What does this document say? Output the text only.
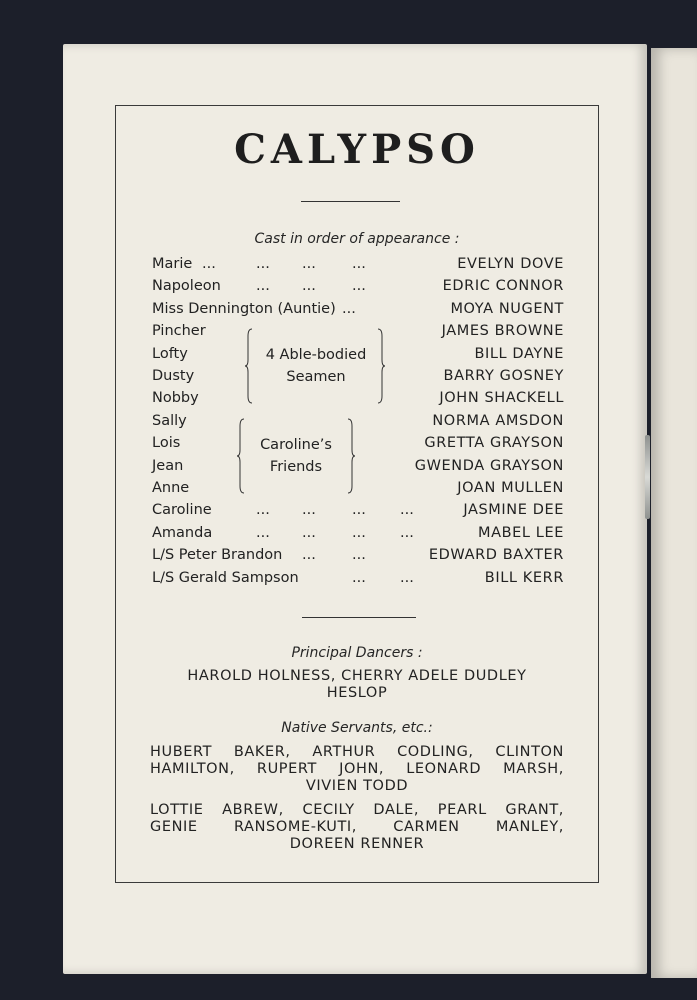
CALYPSO
Cast in order of appearance :
Marie ...	... ... ...	EVELYN DOVE
Napoleon ... ... ...	EDRIC CONNOR
Miss Dennington (Auntie) ...	MOYA NUGENT
Pincher	JAMES BROWNE
Lofty	BILL DAYNE
Dusty	BARRY GOSNEY
Nobby	JOHN SHACKELL
Sally	NORMA AMSDON
Lois	GRETTA GRAYSON
Jean	GWENDA GRAYSON
Anne	JOAN MULLEN
Caroline	... ... ... ...	JASMINE DEE
Amanda	... ... ... ...	MABEL LEE
L/S Peter Brandon ... ...	EDWARD BAXTER
L/S Gerald Sampson	... ...	BILL KERR
4 Able-bodied
Seamen
Caroline’s
Friends
Principal Dancers :
HAROLD HOLNESS, CHERRY ADELE DUDLEY
HESLOP
Native Servants, etc.:
HUBERT BAKER, ARTHUR CODLING, CLINTON
HAMILTON, RUPERT JOHN, LEONARD MARSH,
VIVIEN TODD
LOTTIE ABREW, CECILY DALE, PEARL GRANT,
GENIE RANSOME-KUTI, CARMEN MANLEY,
DOREEN RENNER
